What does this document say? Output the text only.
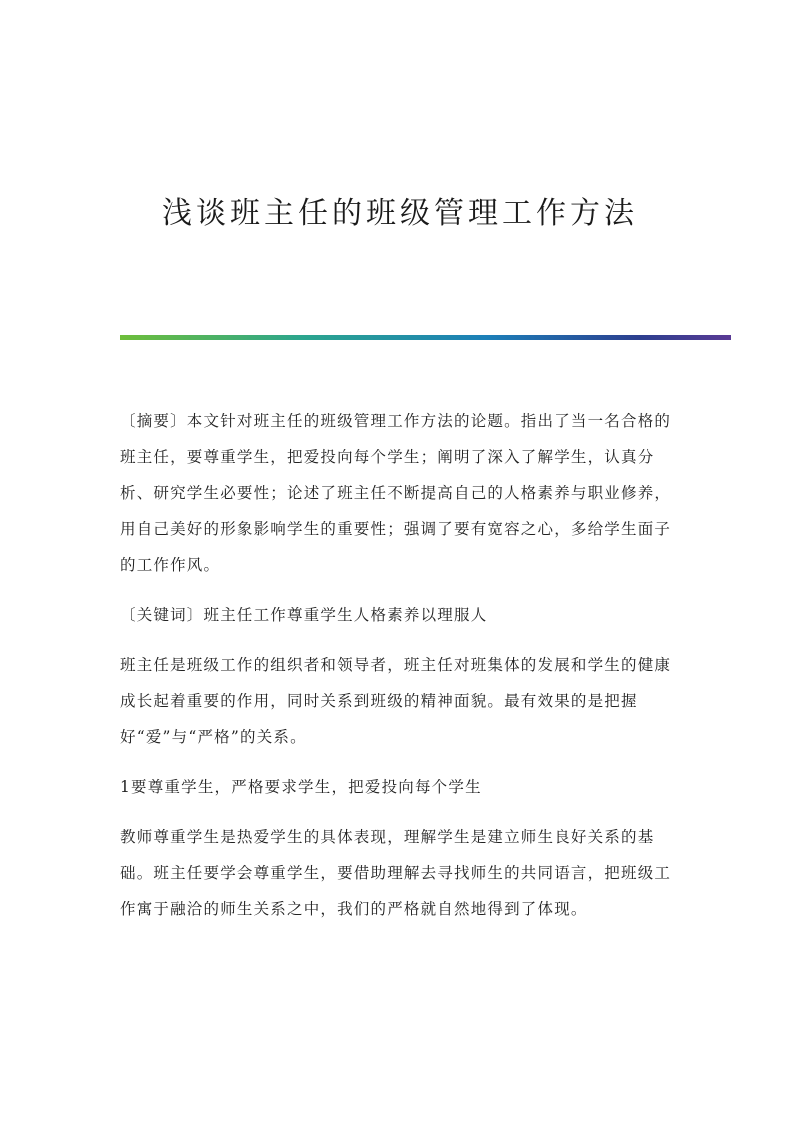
浅谈班主任的班级管理工作方法

〔摘要〕本文针对班主任的班级管理工作方法的论题。指出了当一名合格的班主任，要尊重学生，把爱投向每个学生；阐明了深入了解学生，认真分析、研究学生必要性；论述了班主任不断提高自己的人格素养与职业修养，用自己美好的形象影响学生的重要性；强调了要有宽容之心，多给学生面子的工作作风。

〔关键词〕班主任工作尊重学生人格素养以理服人

班主任是班级工作的组织者和领导者，班主任对班集体的发展和学生的健康成长起着重要的作用，同时关系到班级的精神面貌。最有效果的是把握好“爱”与“严格”的关系。

1要尊重学生，严格要求学生，把爱投向每个学生

教师尊重学生是热爱学生的具体表现，理解学生是建立师生良好关系的基础。班主任要学会尊重学生，要借助理解去寻找师生的共同语言，把班级工作寓于融洽的师生关系之中，我们的严格就自然地得到了体现。
